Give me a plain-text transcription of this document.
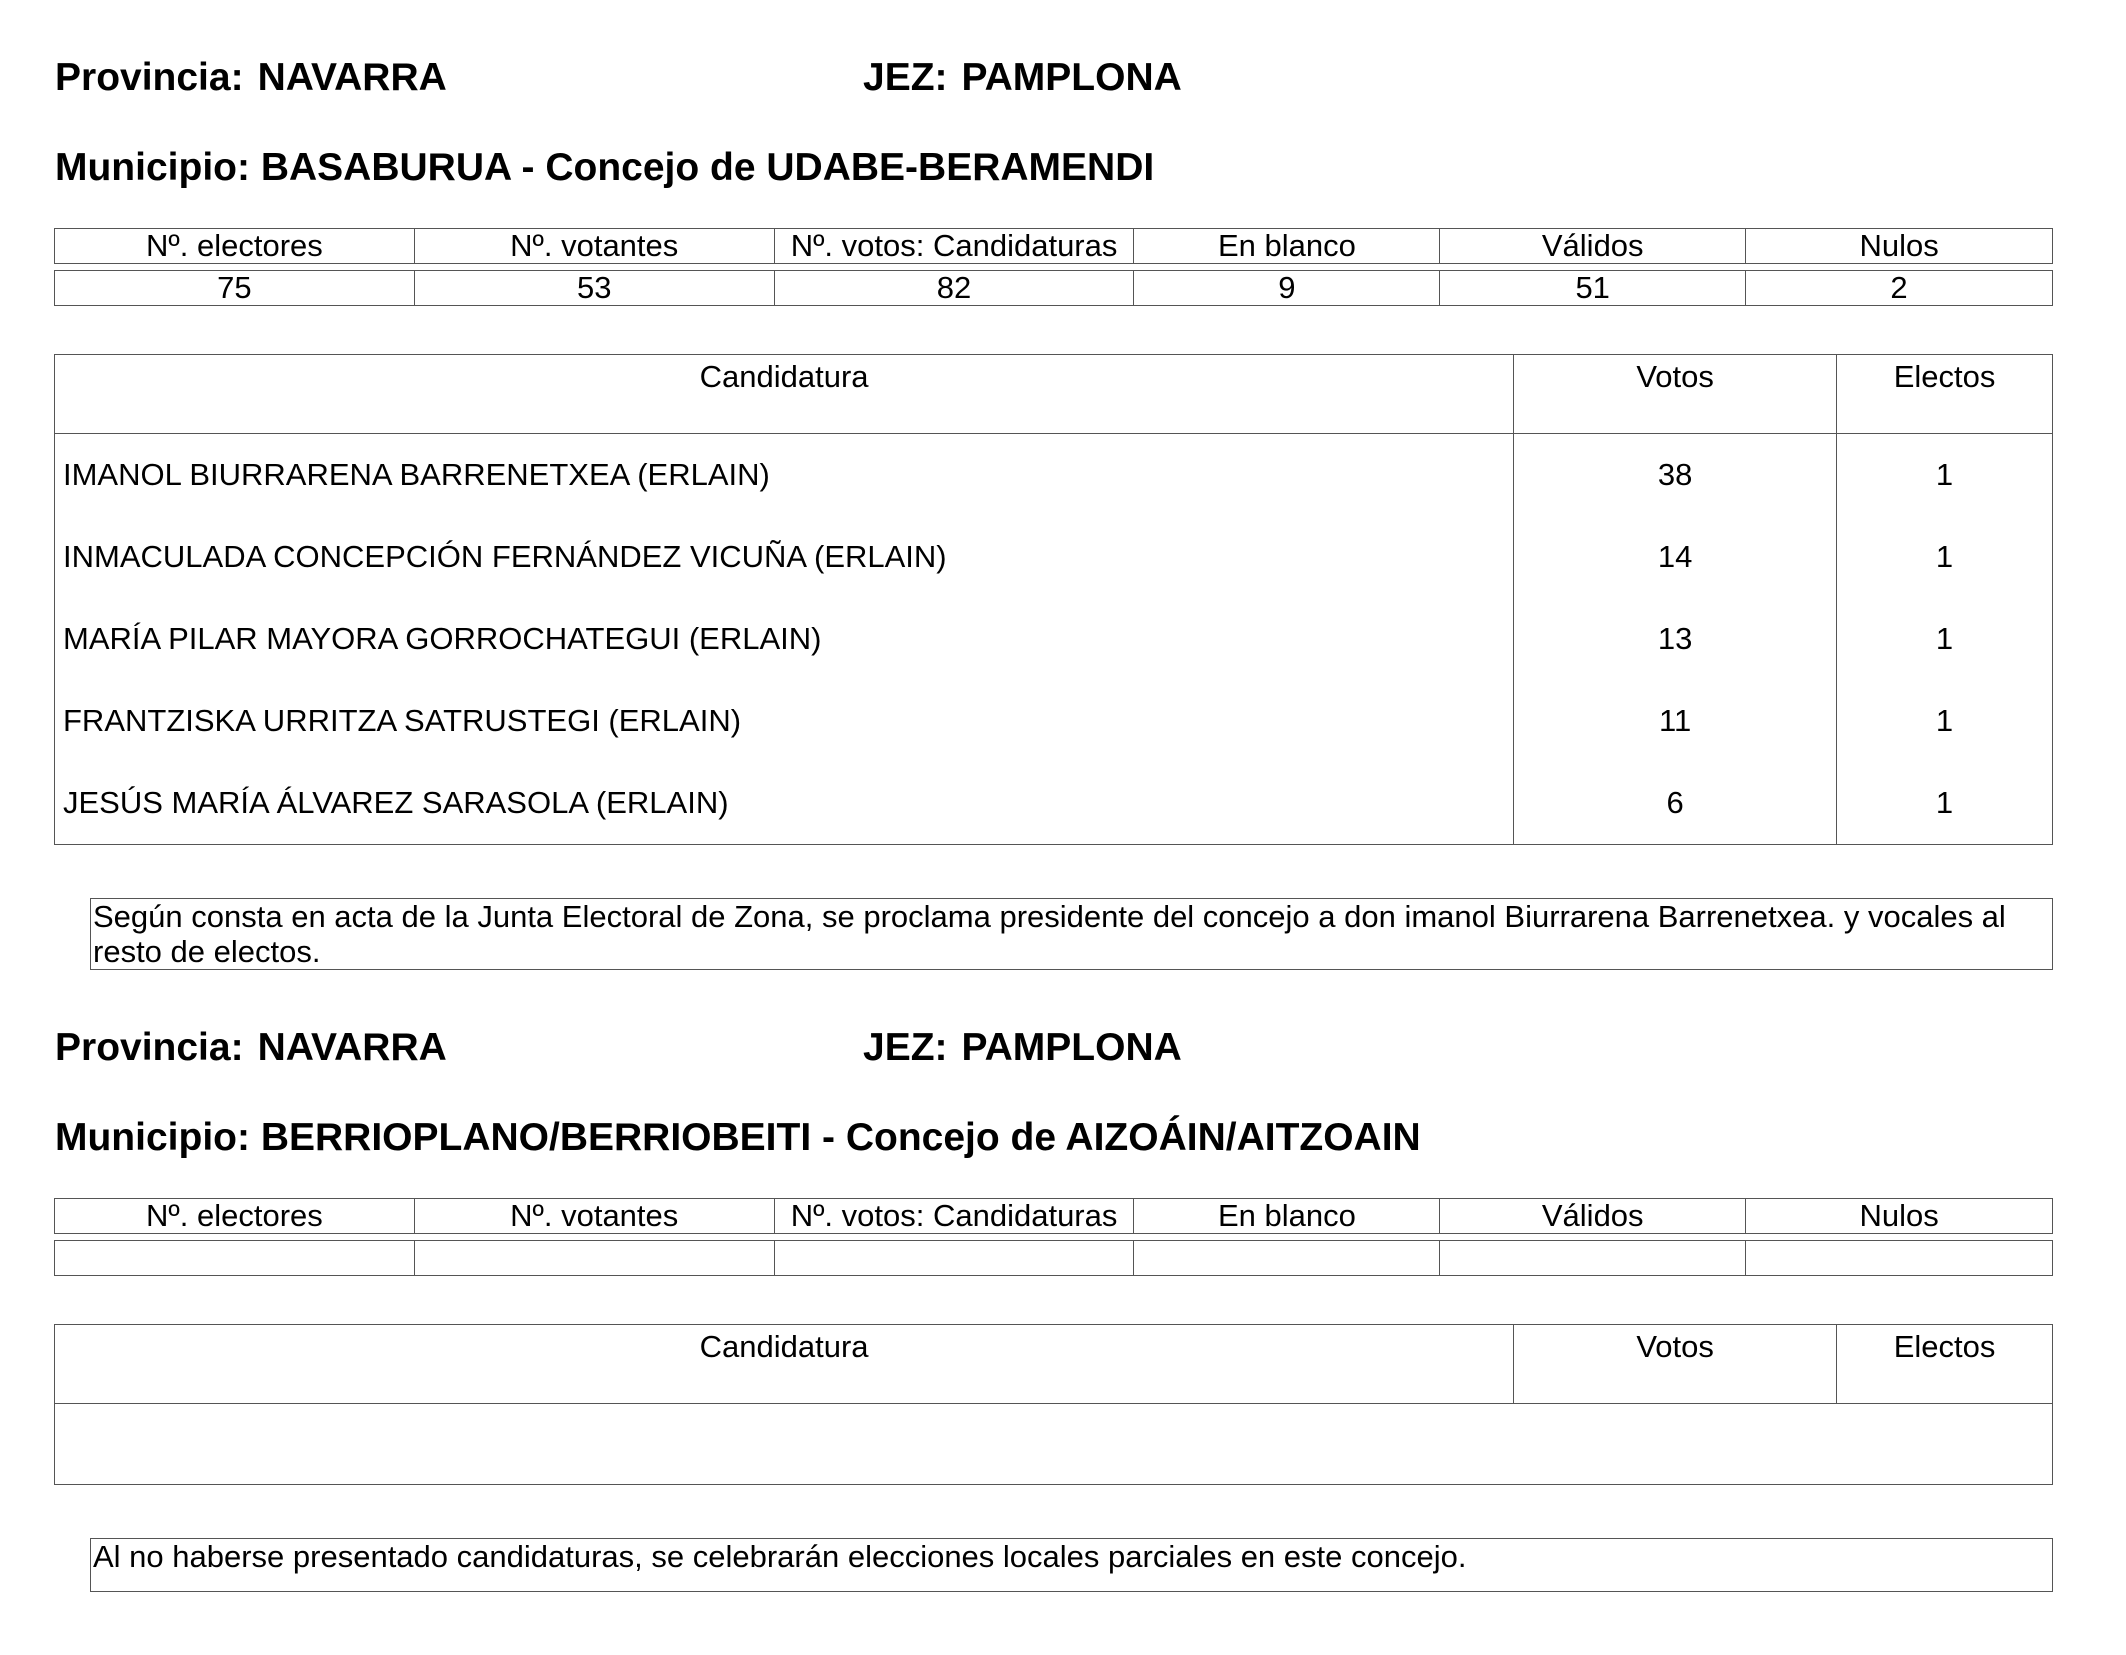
Provincia: NAVARRA	JEZ: PAMPLONA
Municipio: BASABURUA - Concejo de UDABE-BERAMENDI
Nº. electores	Nº. votantes	Nº. votos: Candidaturas	En blanco	Válidos	Nulos
75	53	82	9	51	2
Candidatura	Votos	Electos
IMANOL BIURRARENA BARRENETXEA (ERLAIN)	38	1
INMACULADA CONCEPCIÓN FERNÁNDEZ VICUÑA (ERLAIN)	14	1
MARÍA PILAR MAYORA GORROCHATEGUI (ERLAIN)	13	1
FRANTZISKA URRITZA SATRUSTEGI (ERLAIN)	11	1
JESÚS MARÍA ÁLVAREZ SARASOLA (ERLAIN)	6	1
Según consta en acta de la Junta Electoral de Zona, se proclama presidente del concejo a don imanol Biurrarena Barrenetxea. y vocales al resto de electos.
Provincia: NAVARRA	JEZ: PAMPLONA
Municipio: BERRIOPLANO/BERRIOBEITI - Concejo de AIZOÁIN/AITZOAIN
Nº. electores	Nº. votantes	Nº. votos: Candidaturas	En blanco	Válidos	Nulos

Candidatura	Votos	Electos

Al no haberse presentado candidaturas, se celebrarán elecciones locales parciales en este concejo.
